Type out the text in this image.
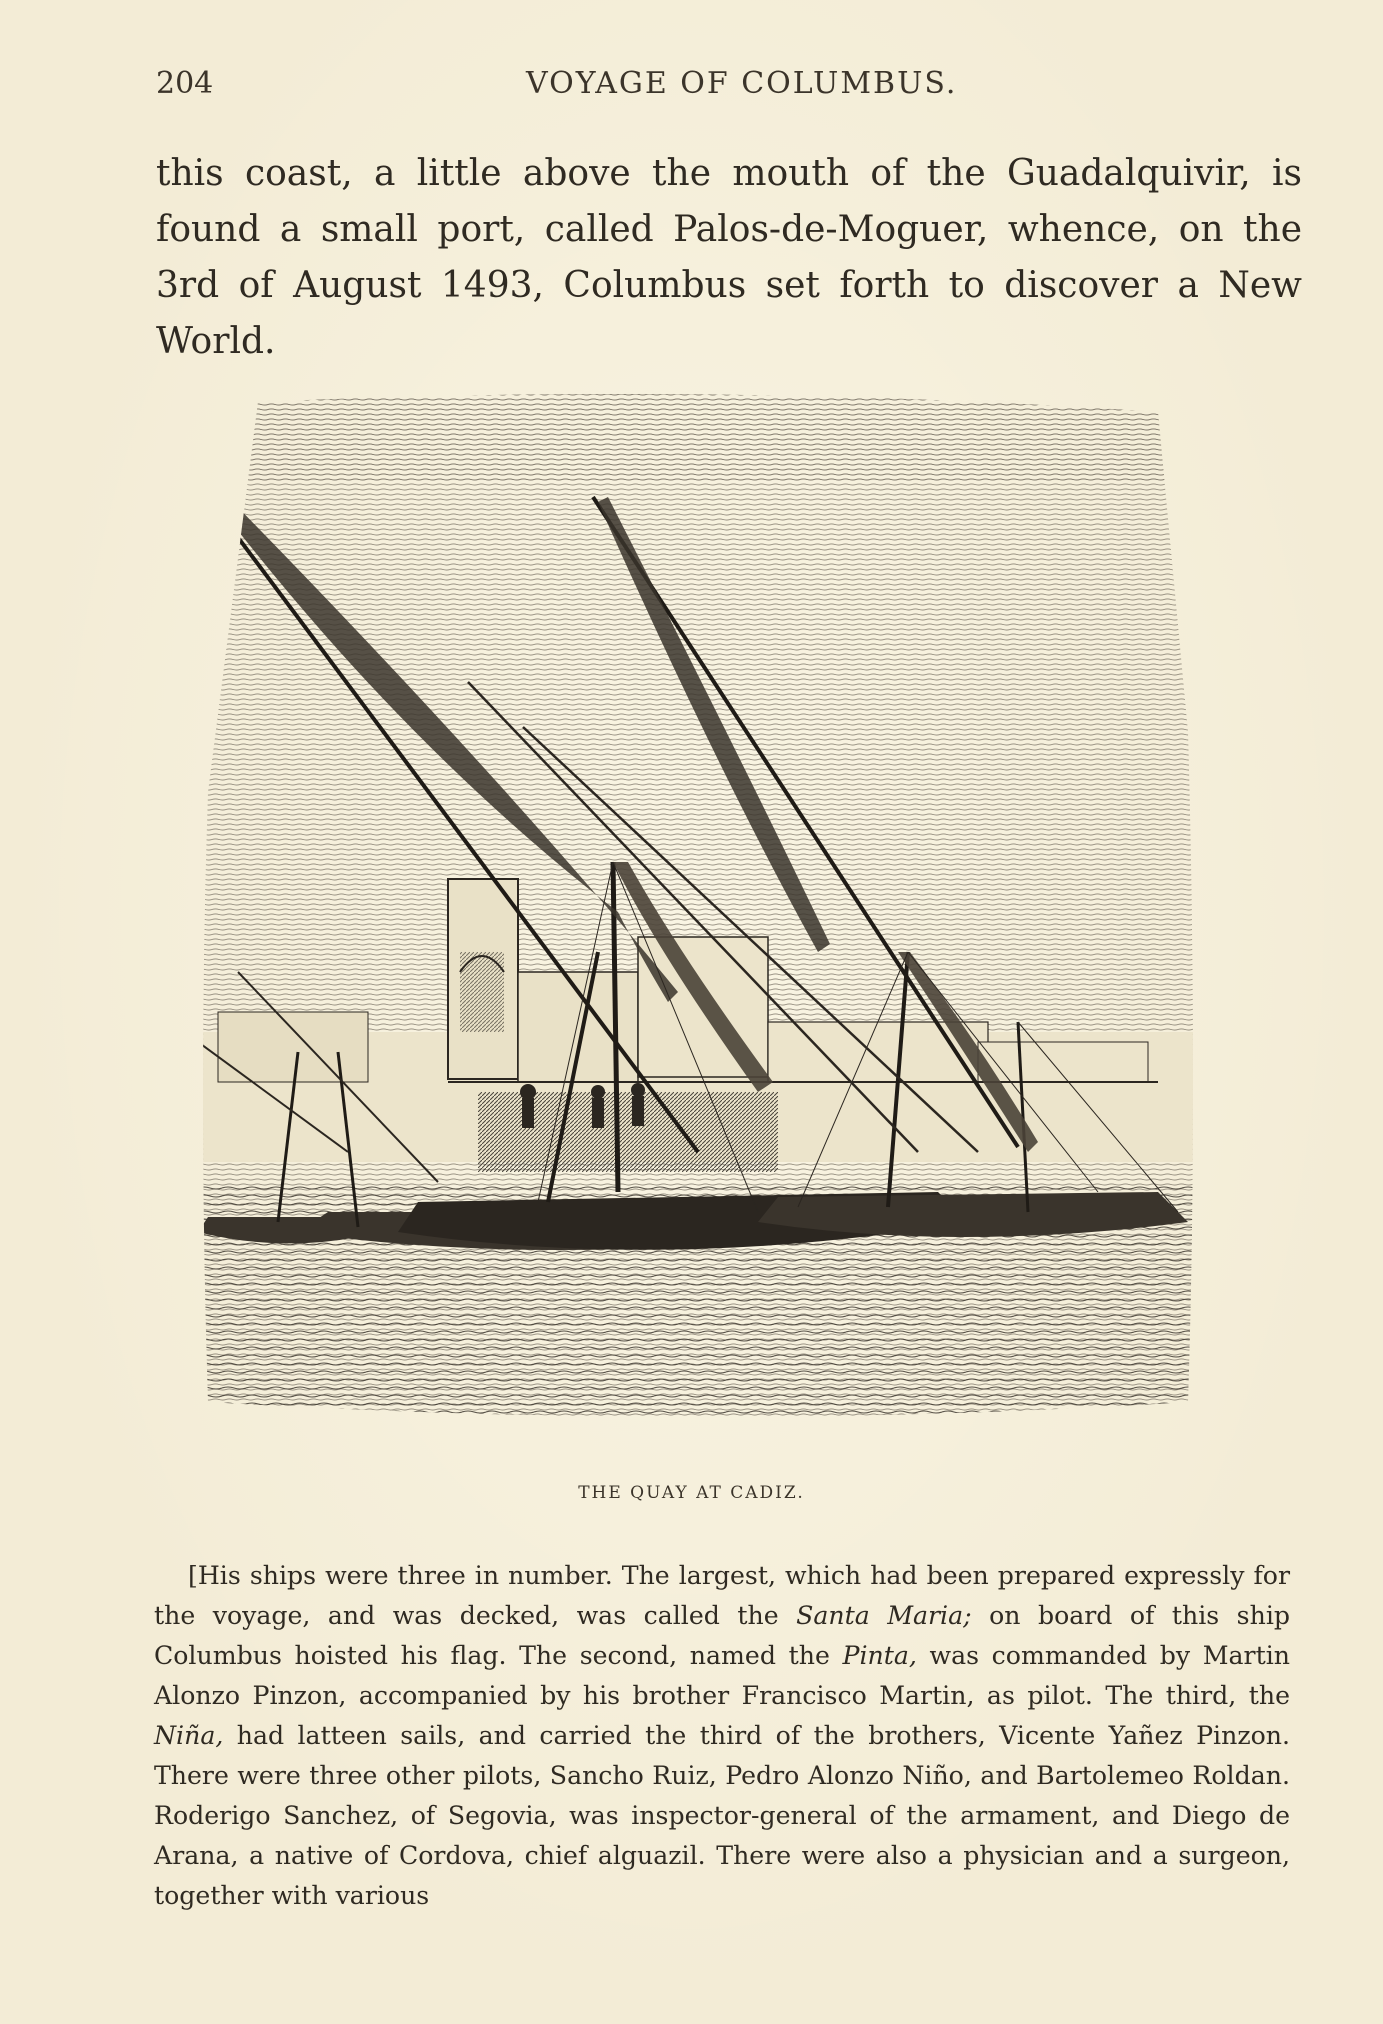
204	VOYAGE OF COLUMBUS.

this coast, a little above the mouth of the Guadalquivir, is found a small port, called Palos-de-Moguer, whence, on the 3rd of August 1493, Columbus set forth to discover a New World.

THE QUAY AT CADIZ.

[His ships were three in number. The largest, which had been prepared expressly for the voyage, and was decked, was called the Santa Maria; on board of this ship Columbus hoisted his flag. The second, named the Pinta, was commanded by Martin Alonzo Pinzon, accompanied by his brother Francisco Martin, as pilot. The third, the Niña, had latteen sails, and carried the third of the brothers, Vicente Yañez Pinzon. There were three other pilots, Sancho Ruiz, Pedro Alonzo Niño, and Bartolemeo Roldan. Roderigo Sanchez, of Segovia, was inspector-general of the armament, and Diego de Arana, a native of Cordova, chief alguazil. There were also a physician and a surgeon, together with various
